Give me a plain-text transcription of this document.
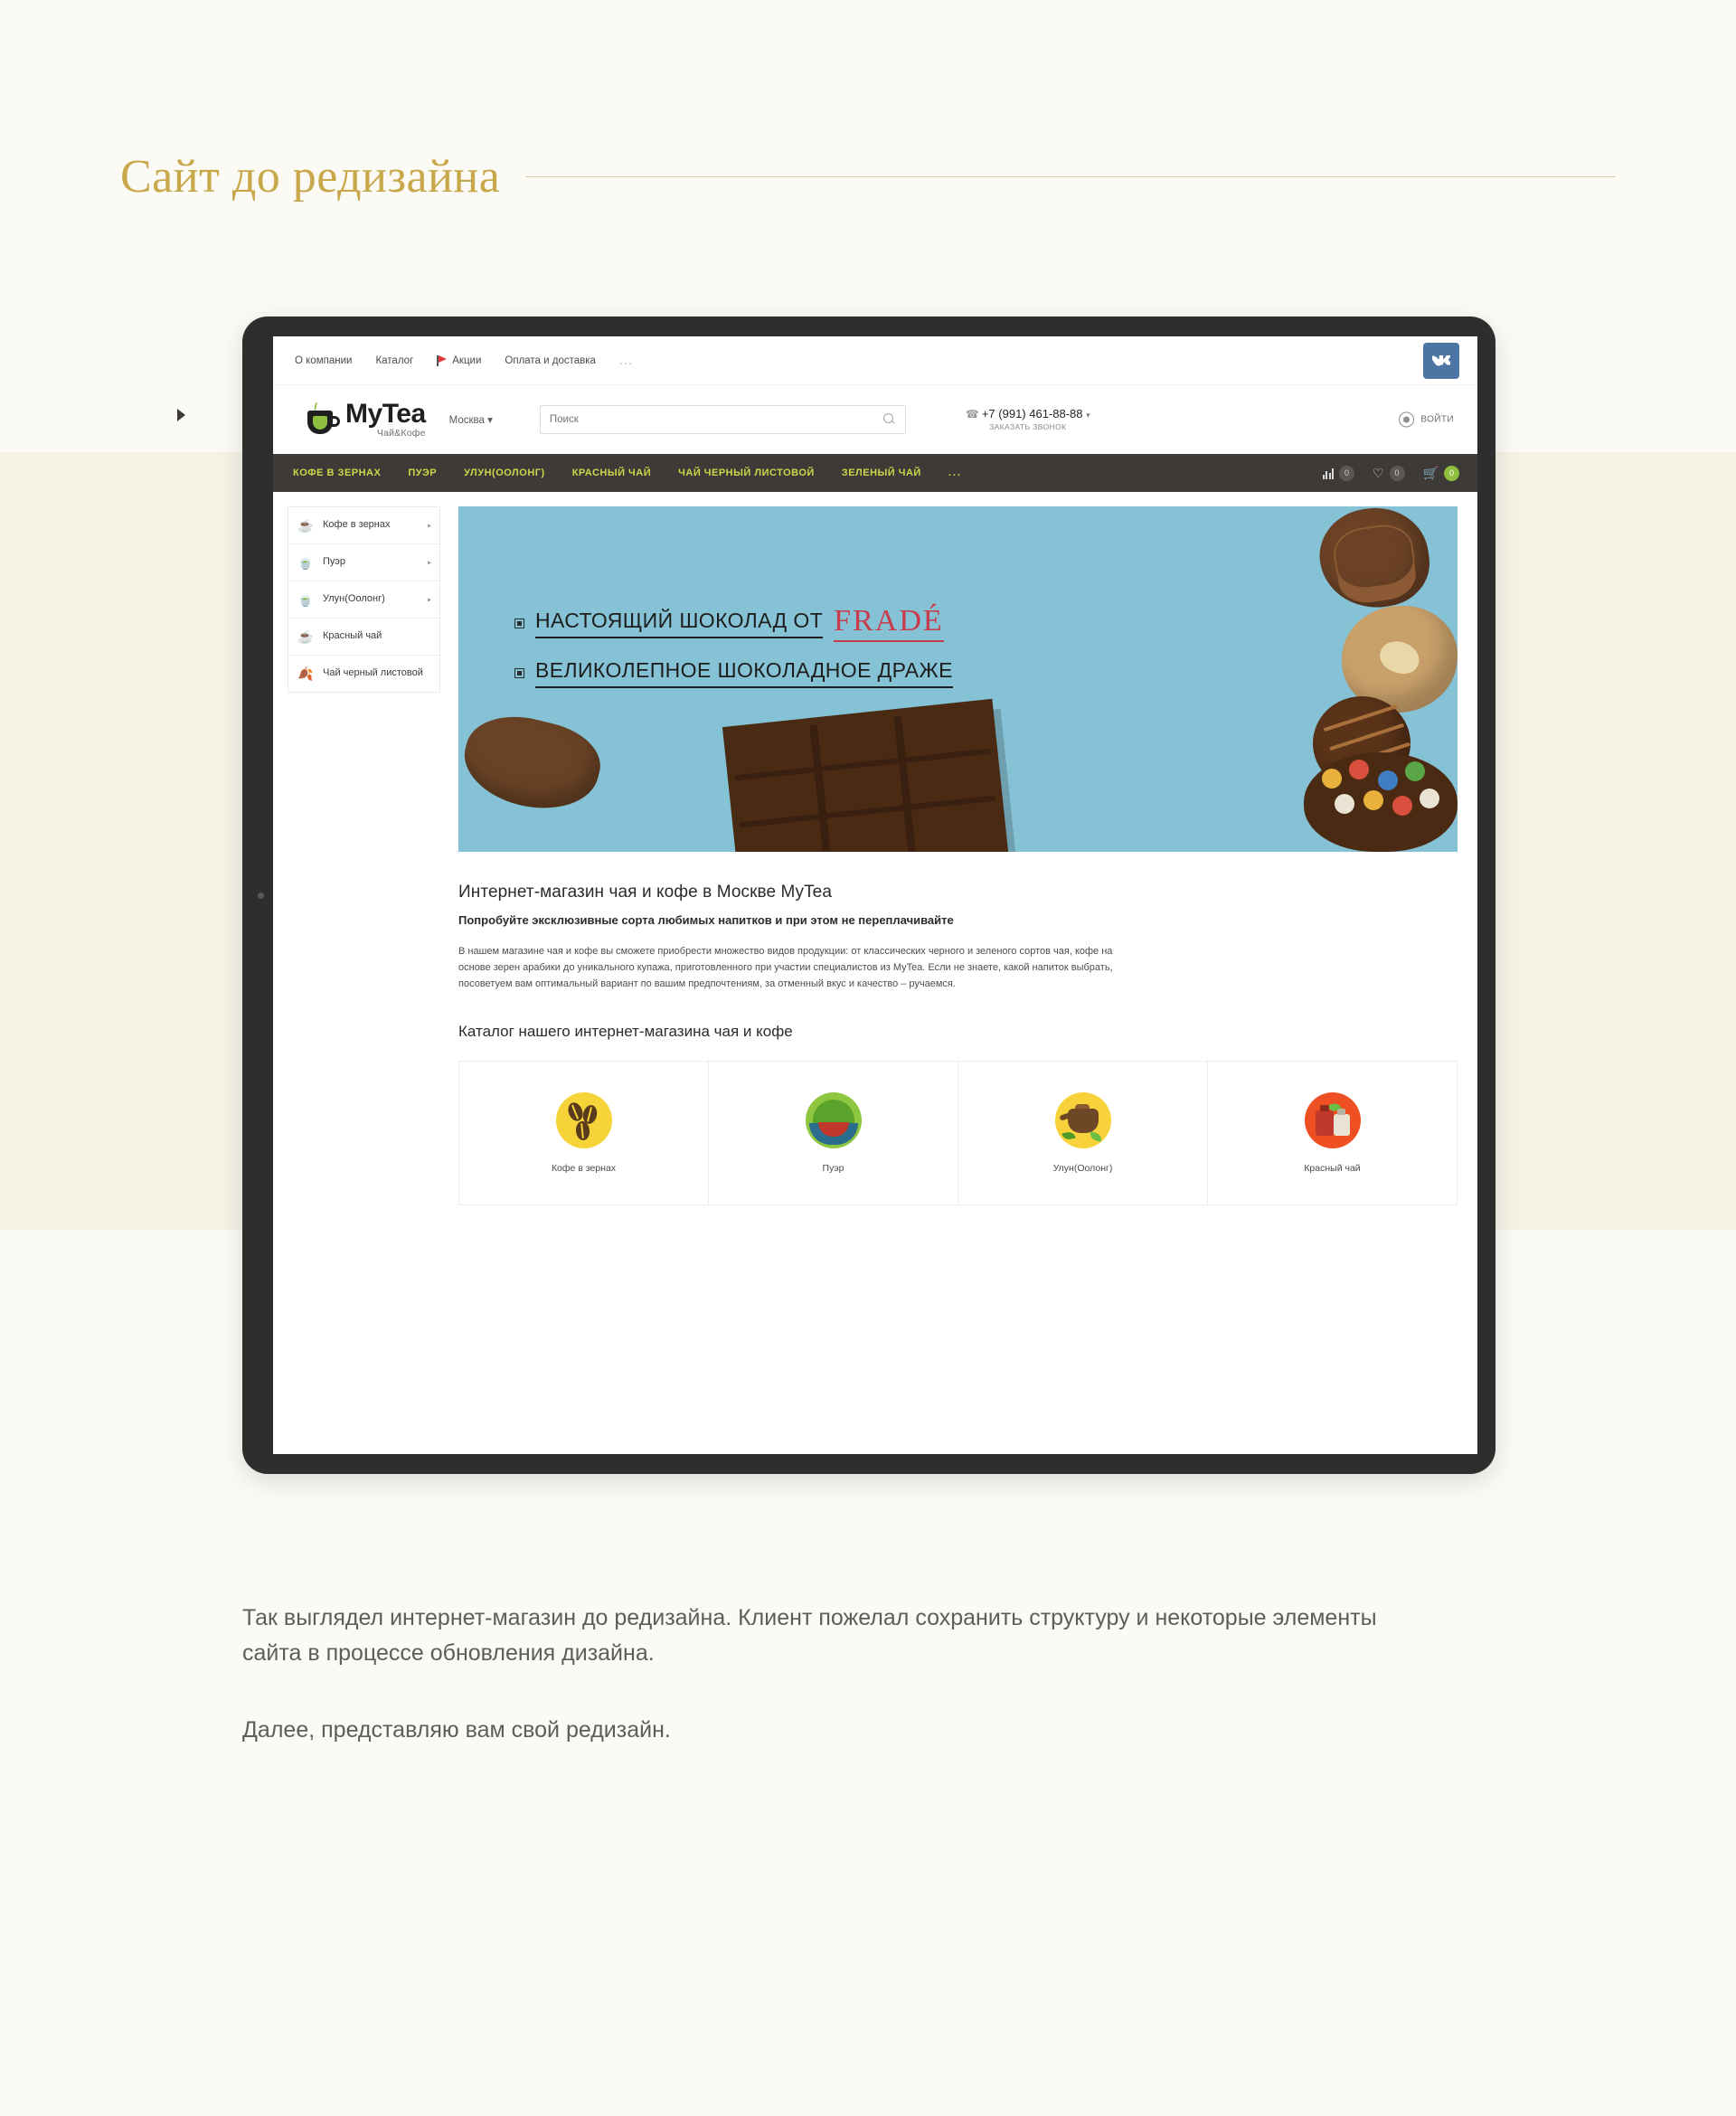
Сайт до редизайна
О компании Каталог	Акции Оплата и доставка ...
MyTea
Чай&Кофе
Москва ▾
Поиск	☎ +7 (991) 461-88-88 ▾
ЗАКАЗАТЬ ЗВОНОК
ВОЙТИ
КОФЕ В ЗЕРНАХ	ПУЭР	УЛУН(ООЛОНГ)	КРАСНЫЙ ЧАЙ	ЧАЙ ЧЕРНЫЙ ЛИСТОВОЙ	ЗЕЛЕНЫЙ ЧАЙ	...	0	♡	0	🛒	0
☕ Кофе в зернах	▸
🍵 Пуэр	▸
🍵 Улун(Оолонг)	▸
☕ Красный чай
🍂 Чай черный листовой
НАСТОЯЩИЙ ШОКОЛАД ОТ FRADÉ
ВЕЛИКОЛЕПНОЕ ШОКОЛАДНОЕ ДРАЖЕ
Интернет-магазин чая и кофе в Москве MyTea
Попробуйте эксклюзивные сорта любимых напитков и при этом не переплачивайте

В нашем магазине чая и кофе вы сможете приобрести множество видов продукции: от классических черного и зеленого сортов чая, кофе на основе зерен арабики до уникального купажа, приготовленного при участии специалистов из MyTea. Если не знаете, какой напиток выбрать, посоветуем вам оптимальный вариант по вашим предпочтениям, за отменный вкус и качество – ручаемся.

Каталог нашего интернет-магазина чая и кофе
Кофе в зернах	Пуэр	Улун(Оолонг)	Красный чай

Так выглядел интернет-магазин до редизайна. Клиент пожелал сохранить структуру и некоторые элементы сайта в процессе обновления дизайна.

Далее, представляю вам свой редизайн.
